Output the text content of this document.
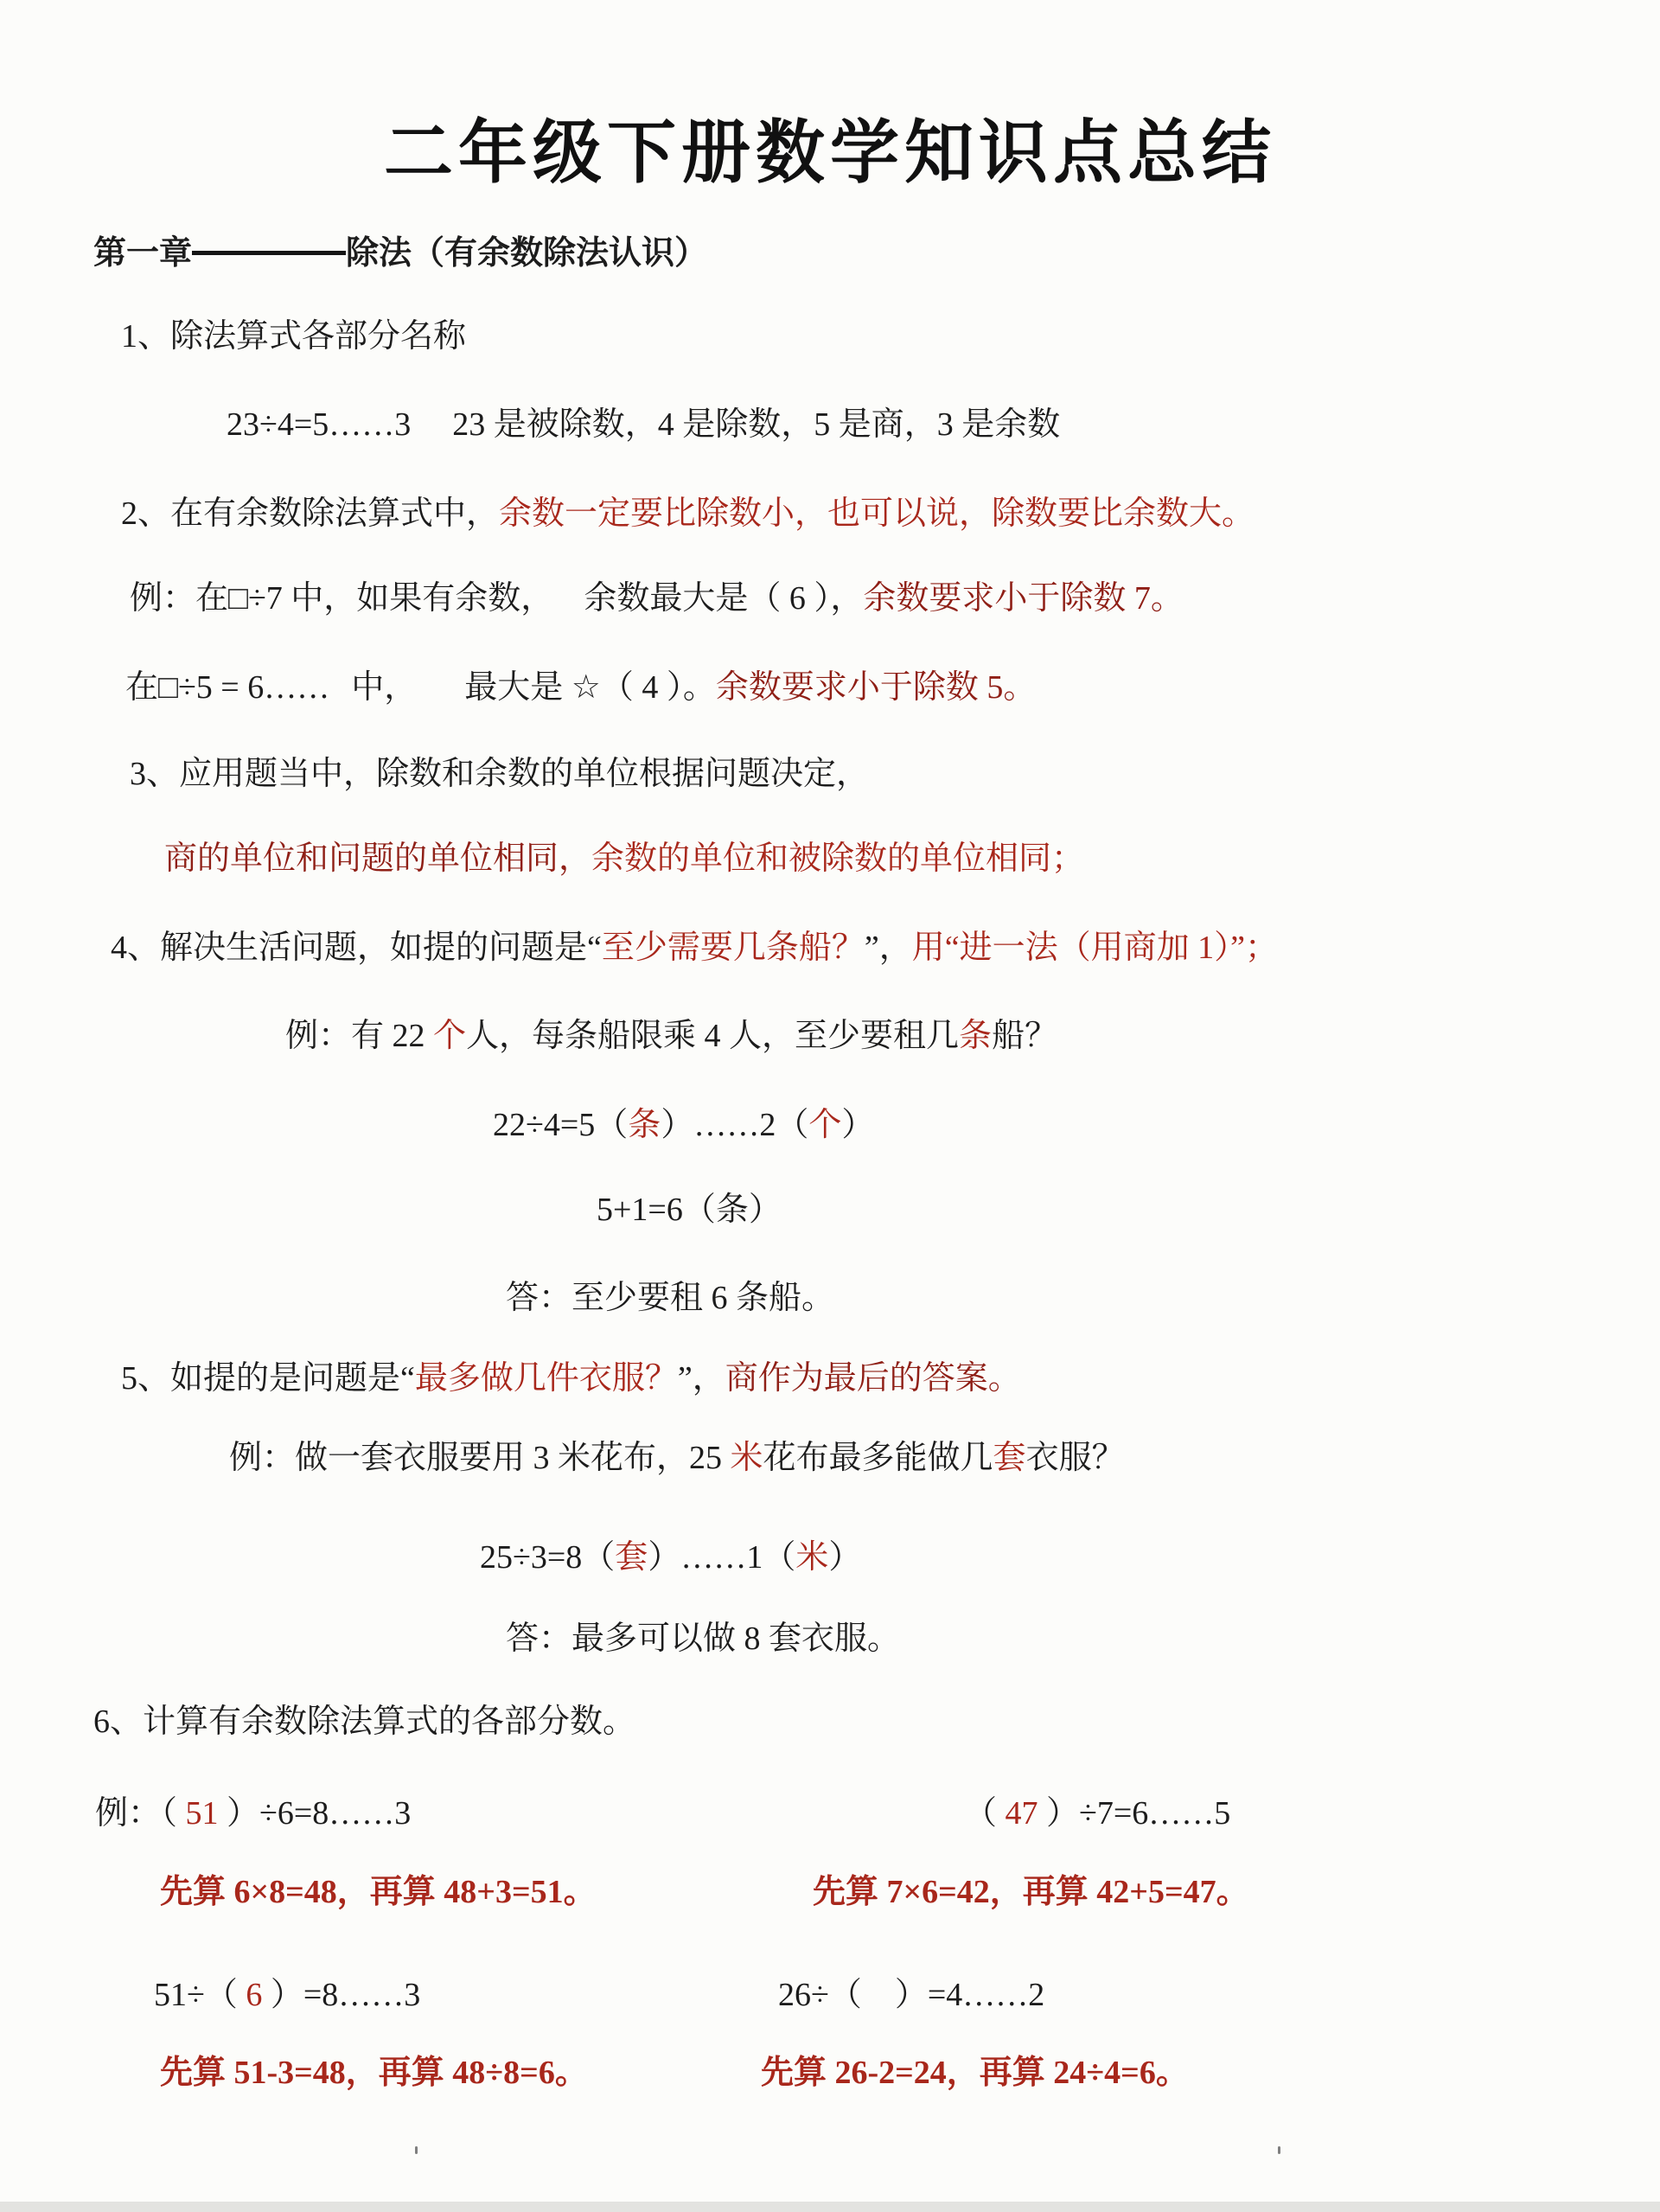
二年级下册数学知识点总结
第一章	除法（有余数除法认识）
1、除法算式各部分名称
23÷4=5……3 23 是被除数，4 是除数，5 是商，3 是余数
2、在有余数除法算式中，余数一定要比除数小，也可以说，除数要比余数大。
例：在□÷7 中，如果有余数， 余数最大是（ 6 ），余数要求小于除数 7。
在□÷5 = 6…… 中， 最大是 ☆（ 4 ）。余数要求小于除数 5。
3、应用题当中，除数和余数的单位根据问题决定，
商的单位和问题的单位相同，余数的单位和被除数的单位相同；
4、解决生活问题，如提的问题是“至少需要几条船？”，用“进一法（用商加 1）”；
例：有 22 个人，每条船限乘 4 人，至少要租几条船？
22÷4=5（条）……2（个）
5+1=6（条）
答：至少要租 6 条船。
5、如提的是问题是“最多做几件衣服？”，商作为最后的答案。
例：做一套衣服要用 3 米花布，25 米花布最多能做几套衣服？
25÷3=8（套）……1（米）
答：最多可以做 8 套衣服。
6、计算有余数除法算式的各部分数。
例：（ 51 ）÷6=8……3	（ 47 ）÷7=6……5
先算 6×8=48，再算 48+3=51。	先算 7×6=42，再算 42+5=47。
51÷（ 6 ）=8……3	26÷（　）=4……2
先算 51-3=48，再算 48÷8=6。	先算 26-2=24，再算 24÷4=6。
